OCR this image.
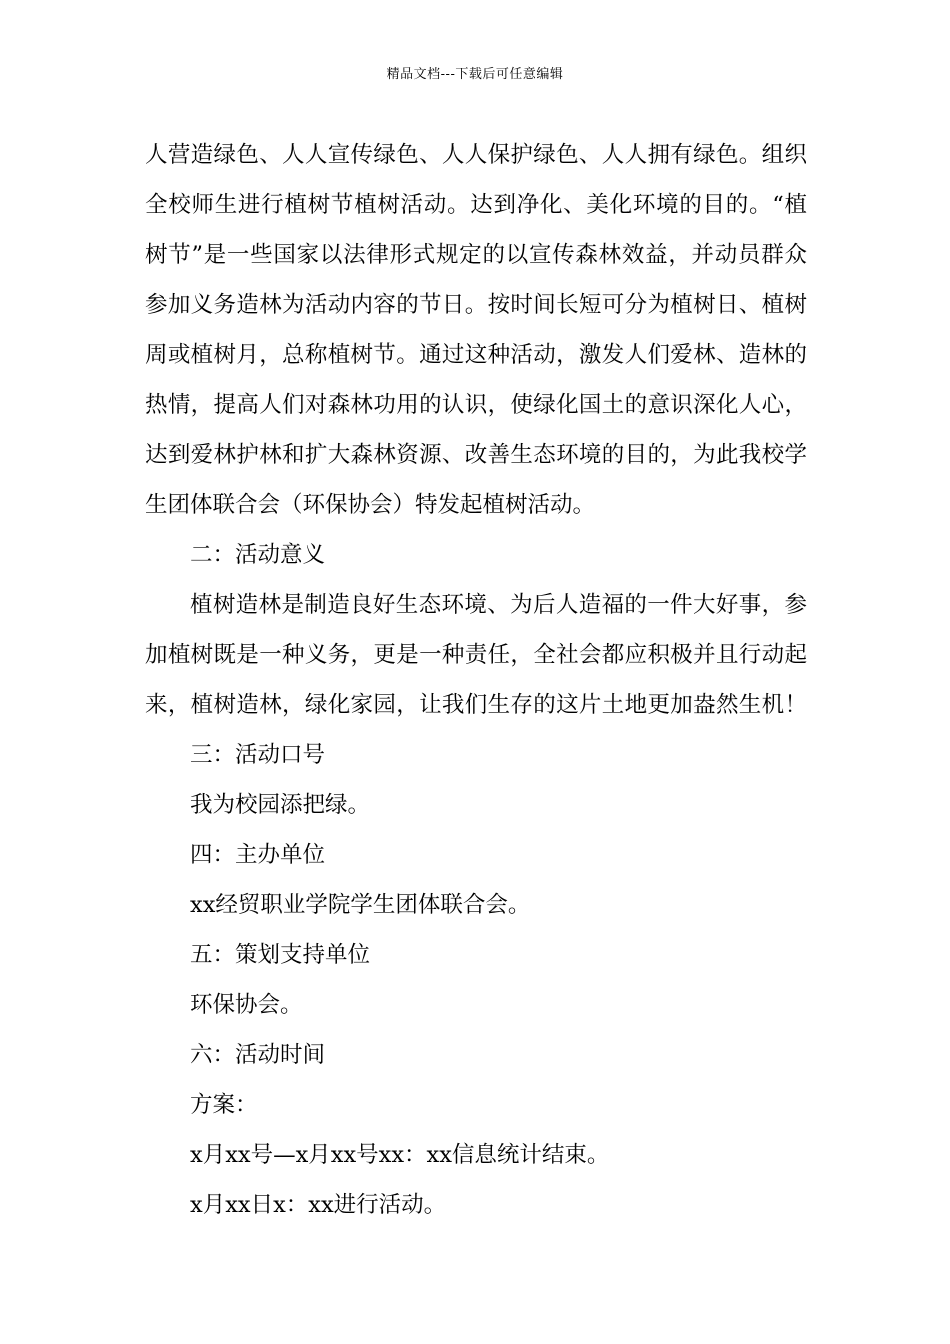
精品文档---下载后可任意编辑
人营造绿色、人人宣传绿色、人人保护绿色、人人拥有绿色。组织
全校师生进行植树节植树活动。达到净化、美化环境的目的。“植
树节”是一些国家以法律形式规定的以宣传森林效益，并动员群众
参加义务造林为活动内容的节日。按时间长短可分为植树日、植树
周或植树月，总称植树节。通过这种活动，激发人们爱林、造林的
热情，提高人们对森林功用的认识，使绿化国土的意识深化人心，
达到爱林护林和扩大森林资源、改善生态环境的目的，为此我校学
生团体联合会（环保协会）特发起植树活动。
二：活动意义
植树造林是制造良好生态环境、为后人造福的一件大好事，参
加植树既是一种义务，更是一种责任，全社会都应积极并且行动起
来，植树造林，绿化家园，让我们生存的这片土地更加盎然生机！
三：活动口号
我为校园添把绿。
四：主办单位
xx经贸职业学院学生团体联合会。
五：策划支持单位
环保协会。
六：活动时间
方案：
x月xx号—x月xx号xx：xx信息统计结束。
x月xx日x：xx进行活动。
